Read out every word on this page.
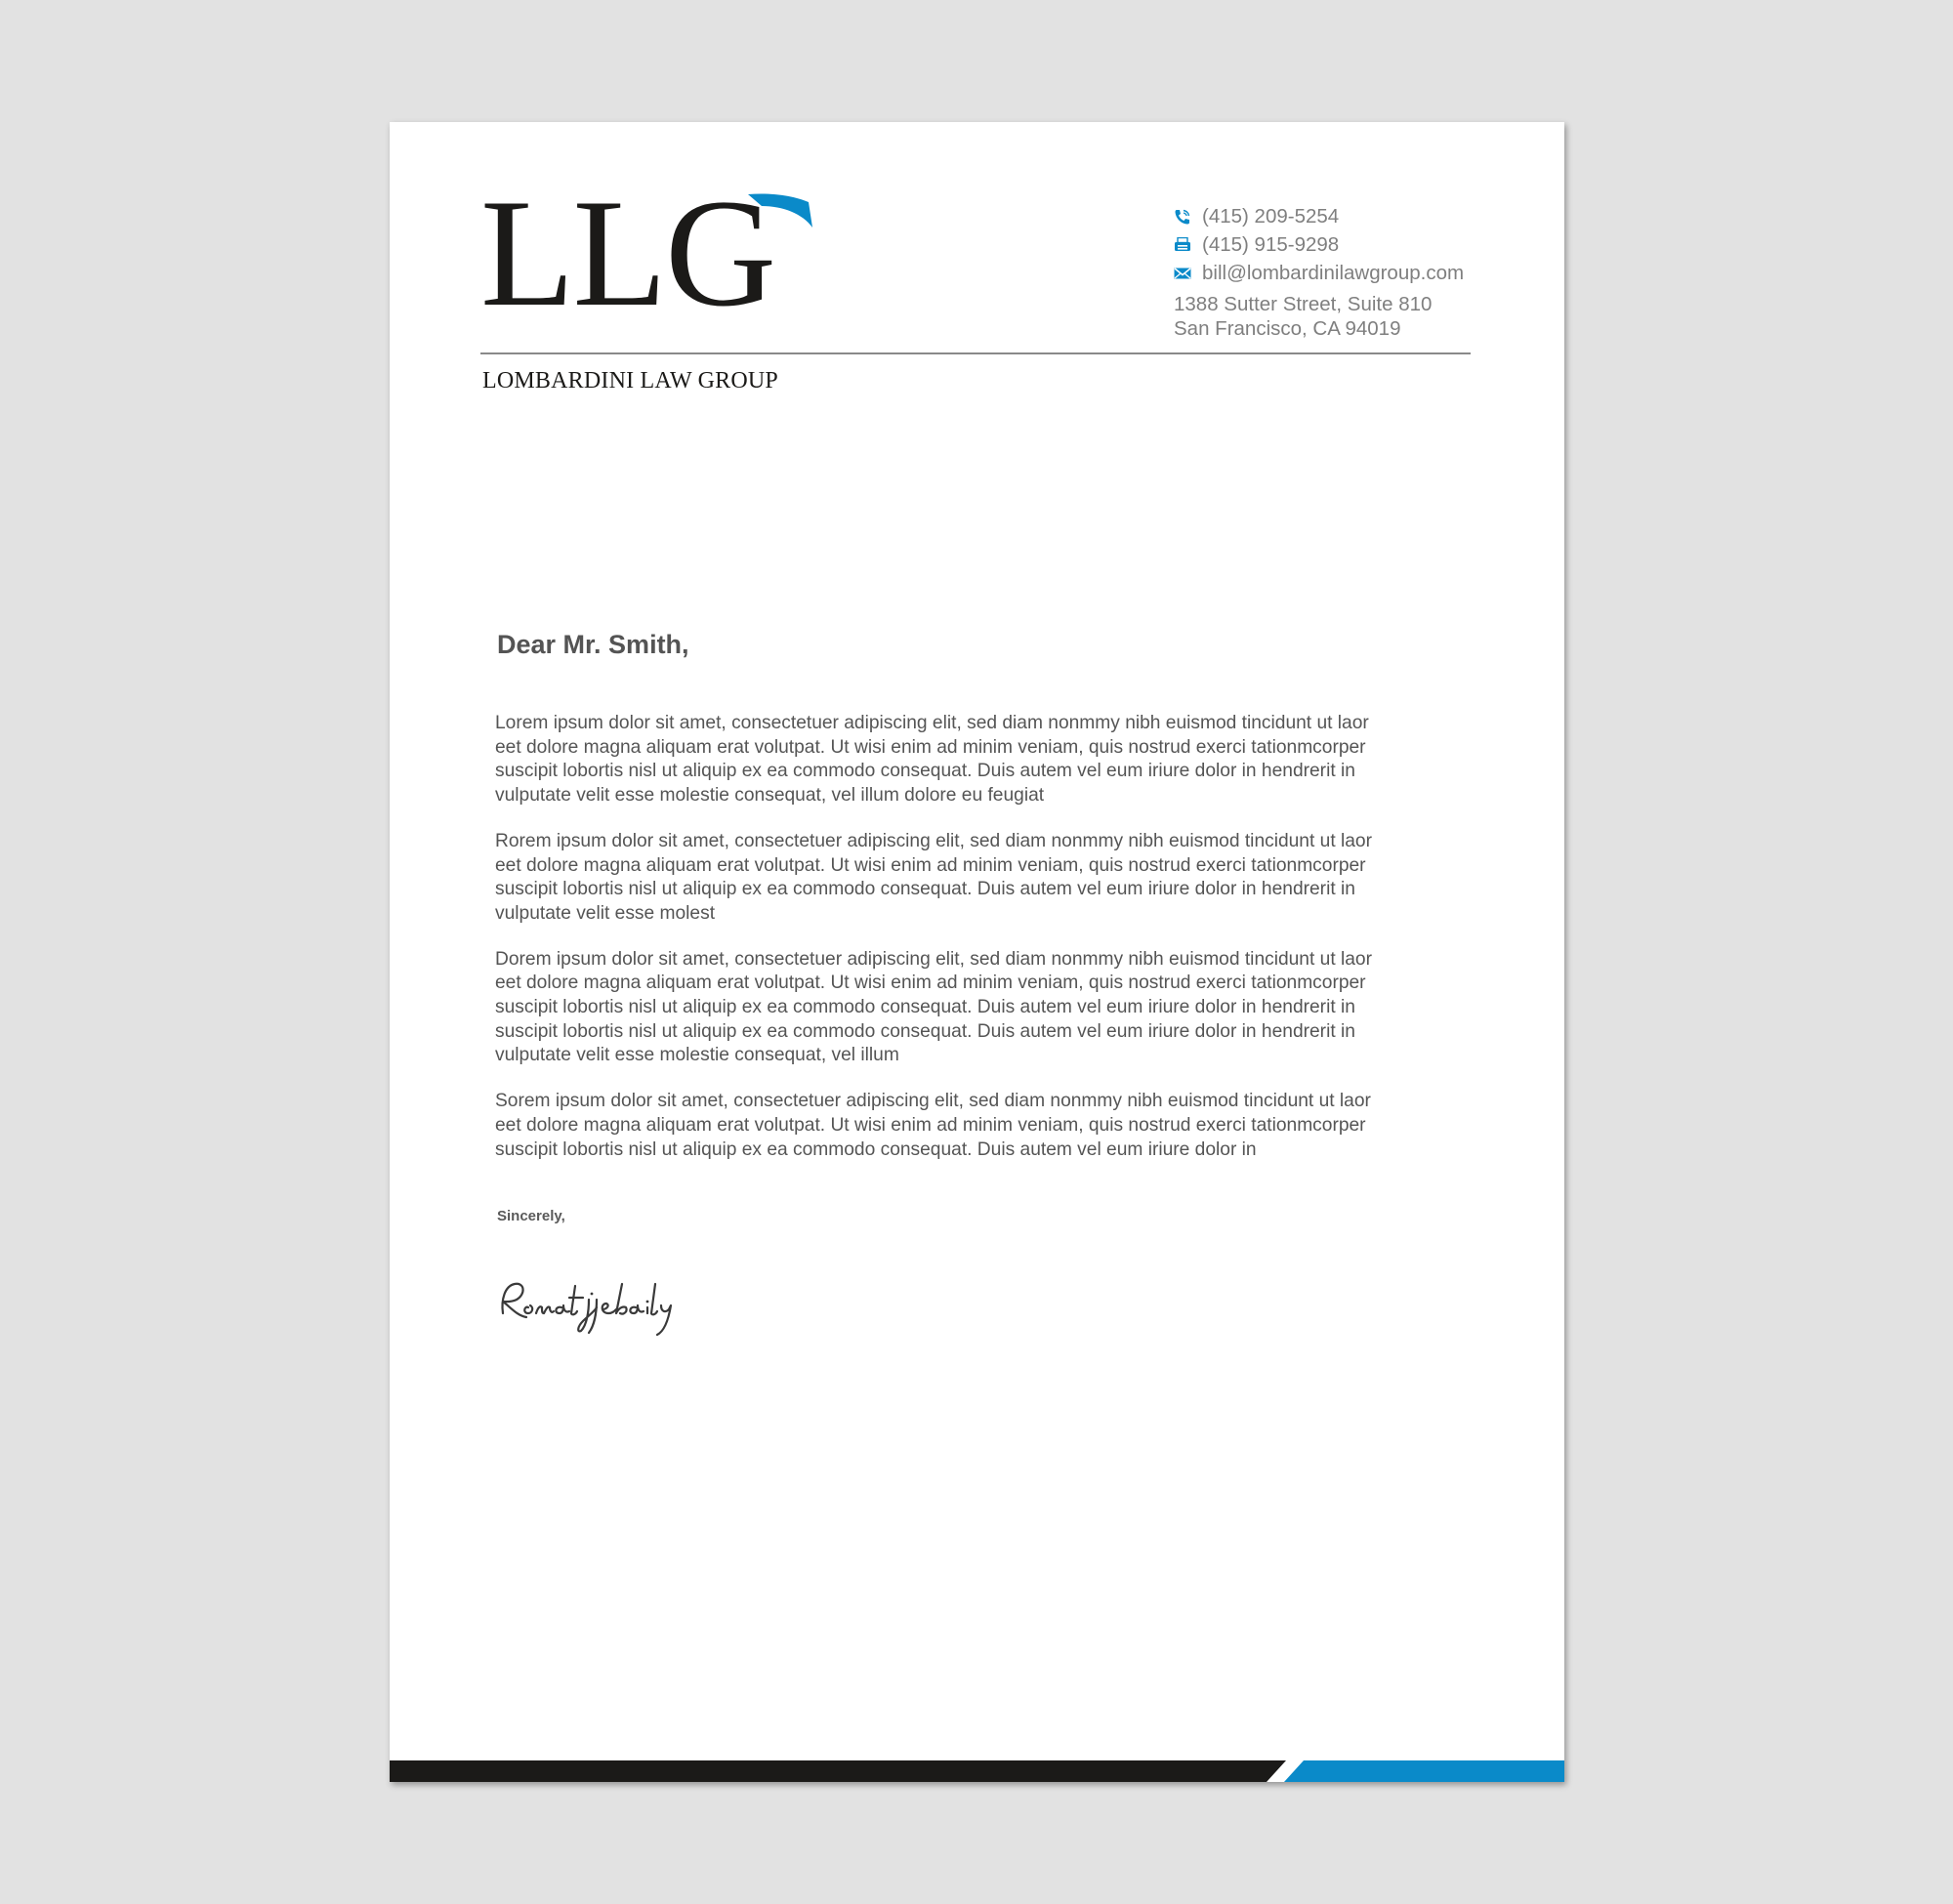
LLG
LOMBARDINI LAW GROUP
(415) 209-5254
(415) 915-9298
bill@lombardinilawgroup.com
1388 Sutter Street, Suite 810
San Francisco, CA 94019
Dear Mr. Smith,

Lorem ipsum dolor sit amet, consectetuer adipiscing elit, sed diam nonmmy nibh euismod tincidunt ut laor
eet dolore magna aliquam erat volutpat. Ut wisi enim ad minim veniam, quis nostrud exerci tationmcorper
suscipit lobortis nisl ut aliquip ex ea commodo consequat. Duis autem vel eum iriure dolor in hendrerit in
vulputate velit esse molestie consequat, vel illum dolore eu feugiat

Rorem ipsum dolor sit amet, consectetuer adipiscing elit, sed diam nonmmy nibh euismod tincidunt ut laor
eet dolore magna aliquam erat volutpat. Ut wisi enim ad minim veniam, quis nostrud exerci tationmcorper
suscipit lobortis nisl ut aliquip ex ea commodo consequat. Duis autem vel eum iriure dolor in hendrerit in
vulputate velit esse molest

Dorem ipsum dolor sit amet, consectetuer adipiscing elit, sed diam nonmmy nibh euismod tincidunt ut laor
eet dolore magna aliquam erat volutpat. Ut wisi enim ad minim veniam, quis nostrud exerci tationmcorper
suscipit lobortis nisl ut aliquip ex ea commodo consequat. Duis autem vel eum iriure dolor in hendrerit in
suscipit lobortis nisl ut aliquip ex ea commodo consequat. Duis autem vel eum iriure dolor in hendrerit in
vulputate velit esse molestie consequat, vel illum

Sorem ipsum dolor sit amet, consectetuer adipiscing elit, sed diam nonmmy nibh euismod tincidunt ut laor
eet dolore magna aliquam erat volutpat. Ut wisi enim ad minim veniam, quis nostrud exerci tationmcorper
suscipit lobortis nisl ut aliquip ex ea commodo consequat. Duis autem vel eum iriure dolor in

Sincerely,
